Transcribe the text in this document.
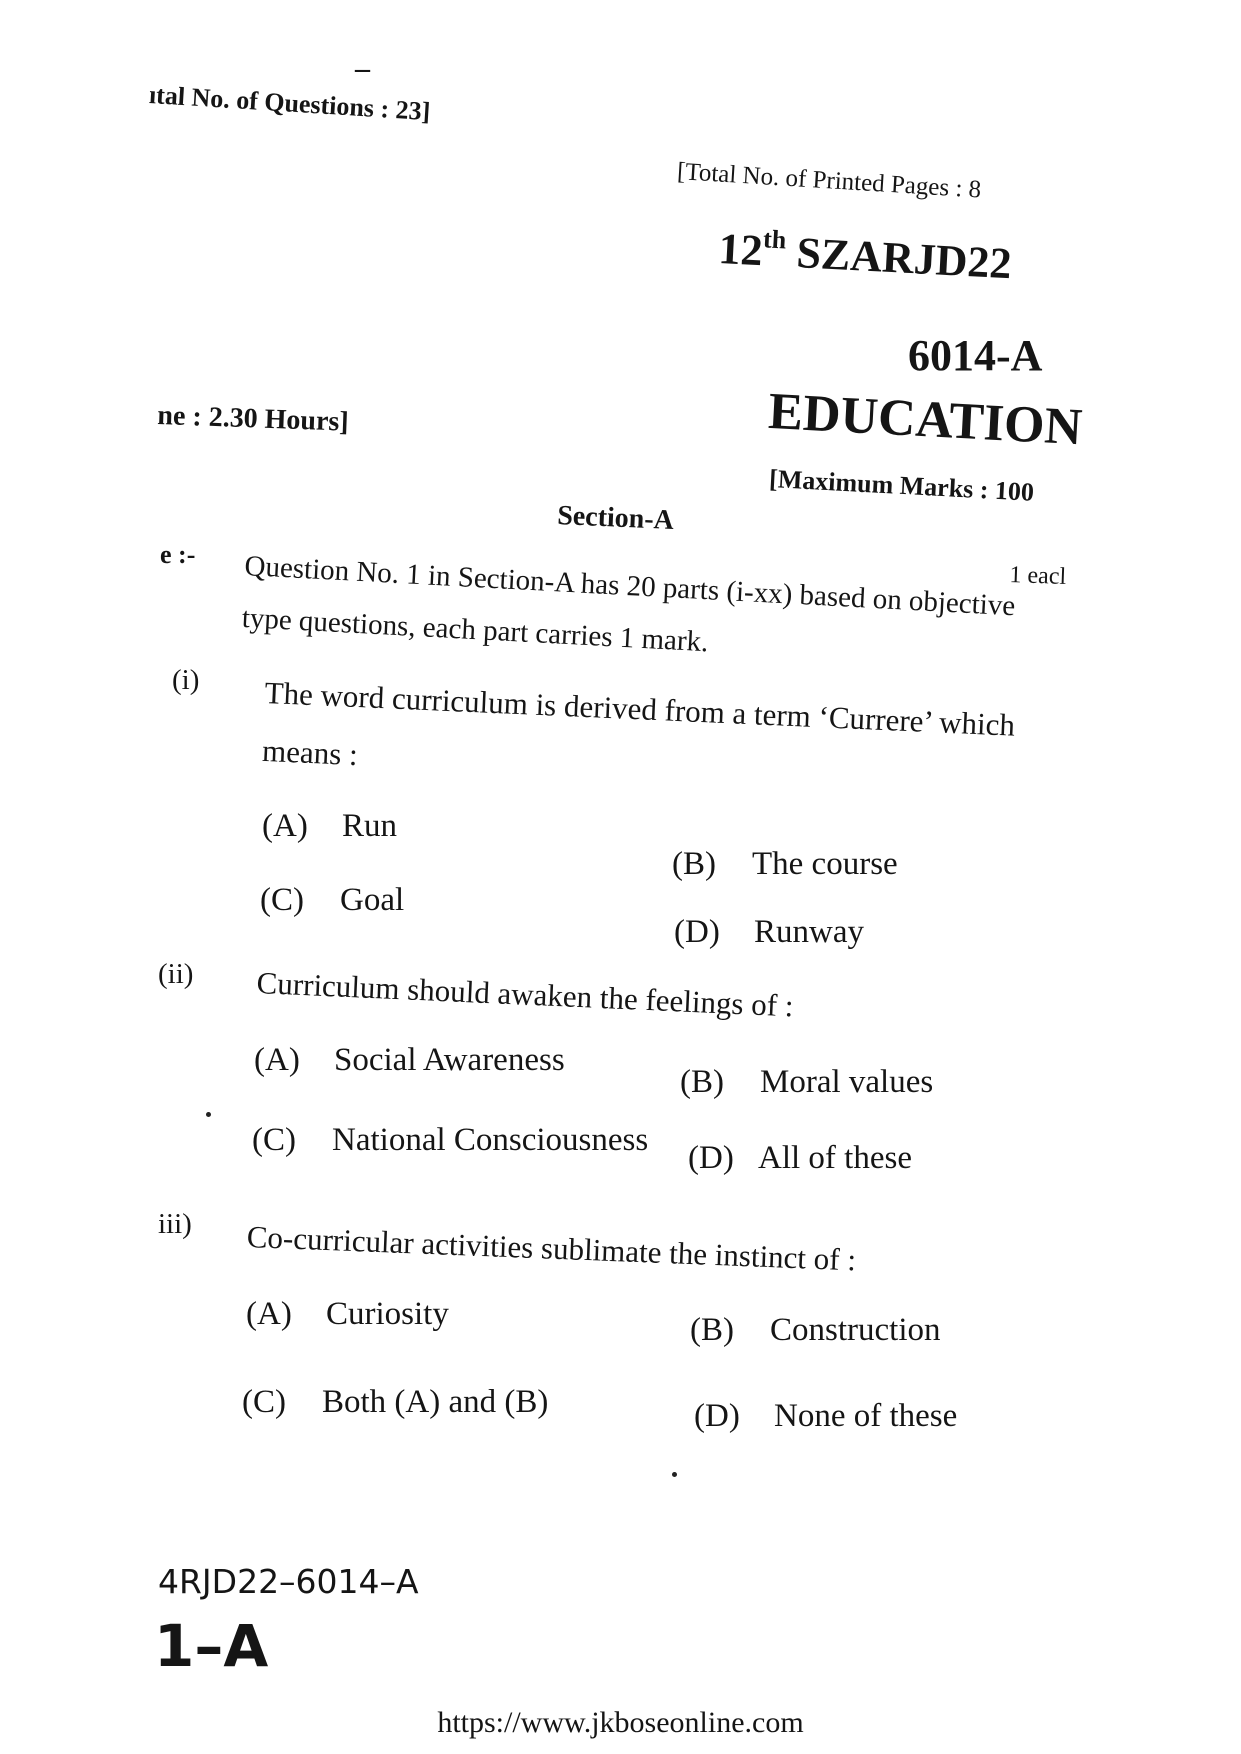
–
ıtal No. of Questions : 23]
[Total No. of Printed Pages : 8
12th SZARJD22
6014-A
EDUCATION
ne : 2.30 Hours]
[Maximum Marks : 100
Section-A
e :-
1 eacl
Question No. 1 in Section-A has 20 parts (i-xx) based on objective type questions, each part carries 1 mark.
(i) The word curriculum is derived from a term ‘Currere’ which means :
(A) Run
(B) The course
(C) Goal
(D) Runway
(ii) Curriculum should awaken the feelings of :
(A) Social Awareness
(B) Moral values
(C) National Consciousness (D) All of these
iii) Co-curricular activities sublimate the instinct of :
(A) Curiosity	(B) Construction
(C) Both (A) and (B)	(D) None of these
4RJD22–6014–A
1–A
https://www.jkboseonline.com
